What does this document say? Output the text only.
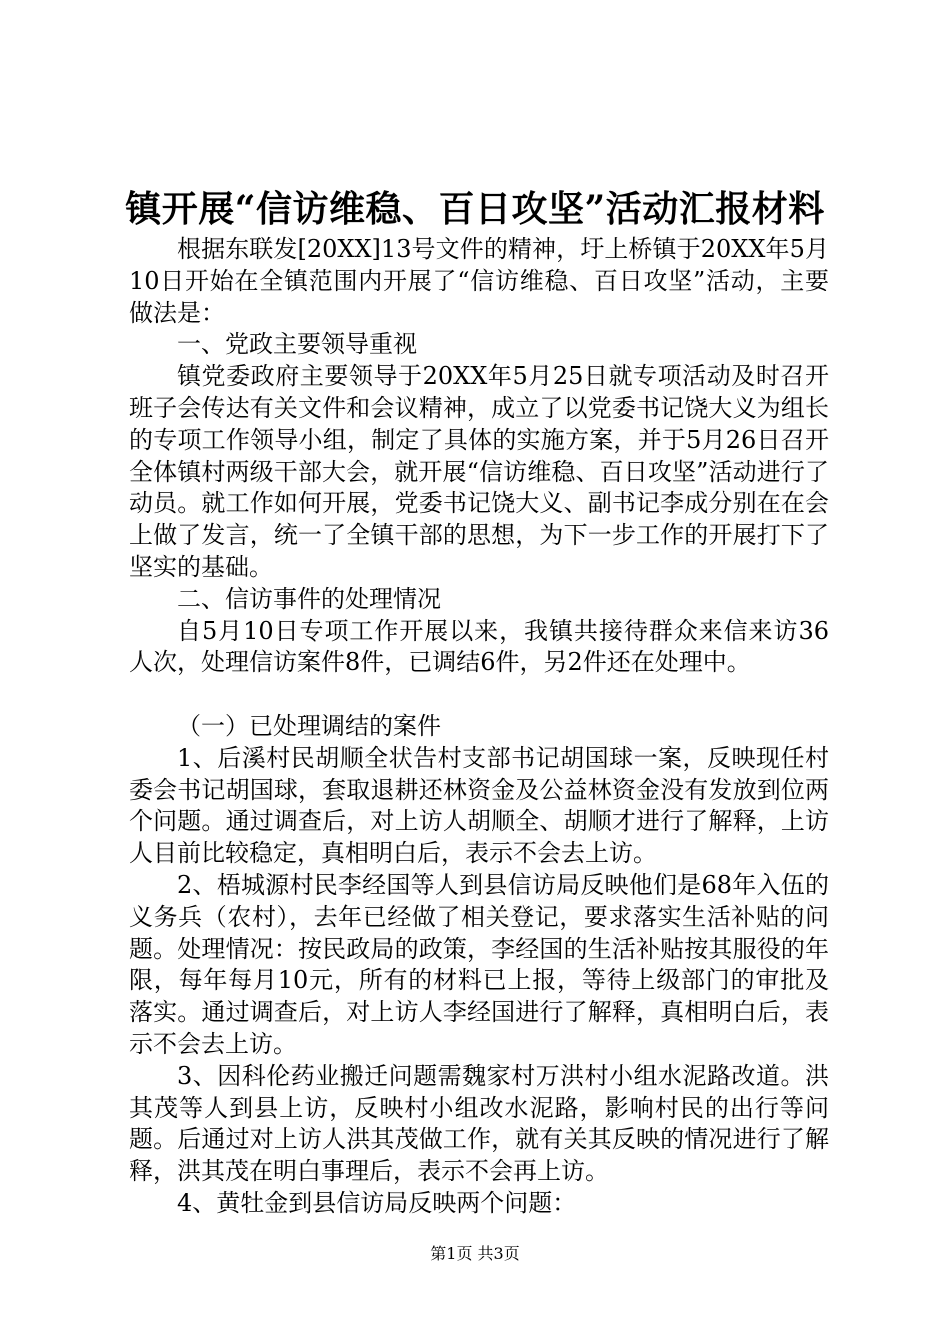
镇开展“信访维稳、百日攻坚”活动汇报材料

根据东联发[20XX]13号文件的精神，圩上桥镇于20XX年5月10日开始在全镇范围内开展了“信访维稳、百日攻坚”活动，主要做法是：

一、党政主要领导重视

镇党委政府主要领导于20XX年5月25日就专项活动及时召开班子会传达有关文件和会议精神，成立了以党委书记饶大义为组长的专项工作领导小组，制定了具体的实施方案，并于5月26日召开全体镇村两级干部大会，就开展“信访维稳、百日攻坚”活动进行了动员。就工作如何开展，党委书记饶大义、副书记李成分别在在会上做了发言，统一了全镇干部的思想，为下一步工作的开展打下了坚实的基础。

二、信访事件的处理情况

自5月10日专项工作开展以来，我镇共接待群众来信来访36人次，处理信访案件8件，已调结6件，另2件还在处理中。

（一）已处理调结的案件

1、后溪村民胡顺全状告村支部书记胡国球一案，反映现任村委会书记胡国球，套取退耕还林资金及公益林资金没有发放到位两个问题。通过调查后，对上访人胡顺全、胡顺才进行了解释，上访人目前比较稳定，真相明白后，表示不会去上访。

2、梧城源村民李经国等人到县信访局反映他们是68年入伍的义务兵（农村），去年已经做了相关登记，要求落实生活补贴的问题。处理情况：按民政局的政策，李经国的生活补贴按其服役的年限，每年每月10元，所有的材料已上报，等待上级部门的审批及落实。通过调查后，对上访人李经国进行了解释，真相明白后，表示不会去上访。

3、因科伦药业搬迁问题需魏家村万洪村小组水泥路改道。洪其茂等人到县上访，反映村小组改水泥路，影响村民的出行等问题。后通过对上访人洪其茂做工作，就有关其反映的情况进行了解释，洪其茂在明白事理后，表示不会再上访。

4、黄牡金到县信访局反映两个问题：

第1页 共3页
